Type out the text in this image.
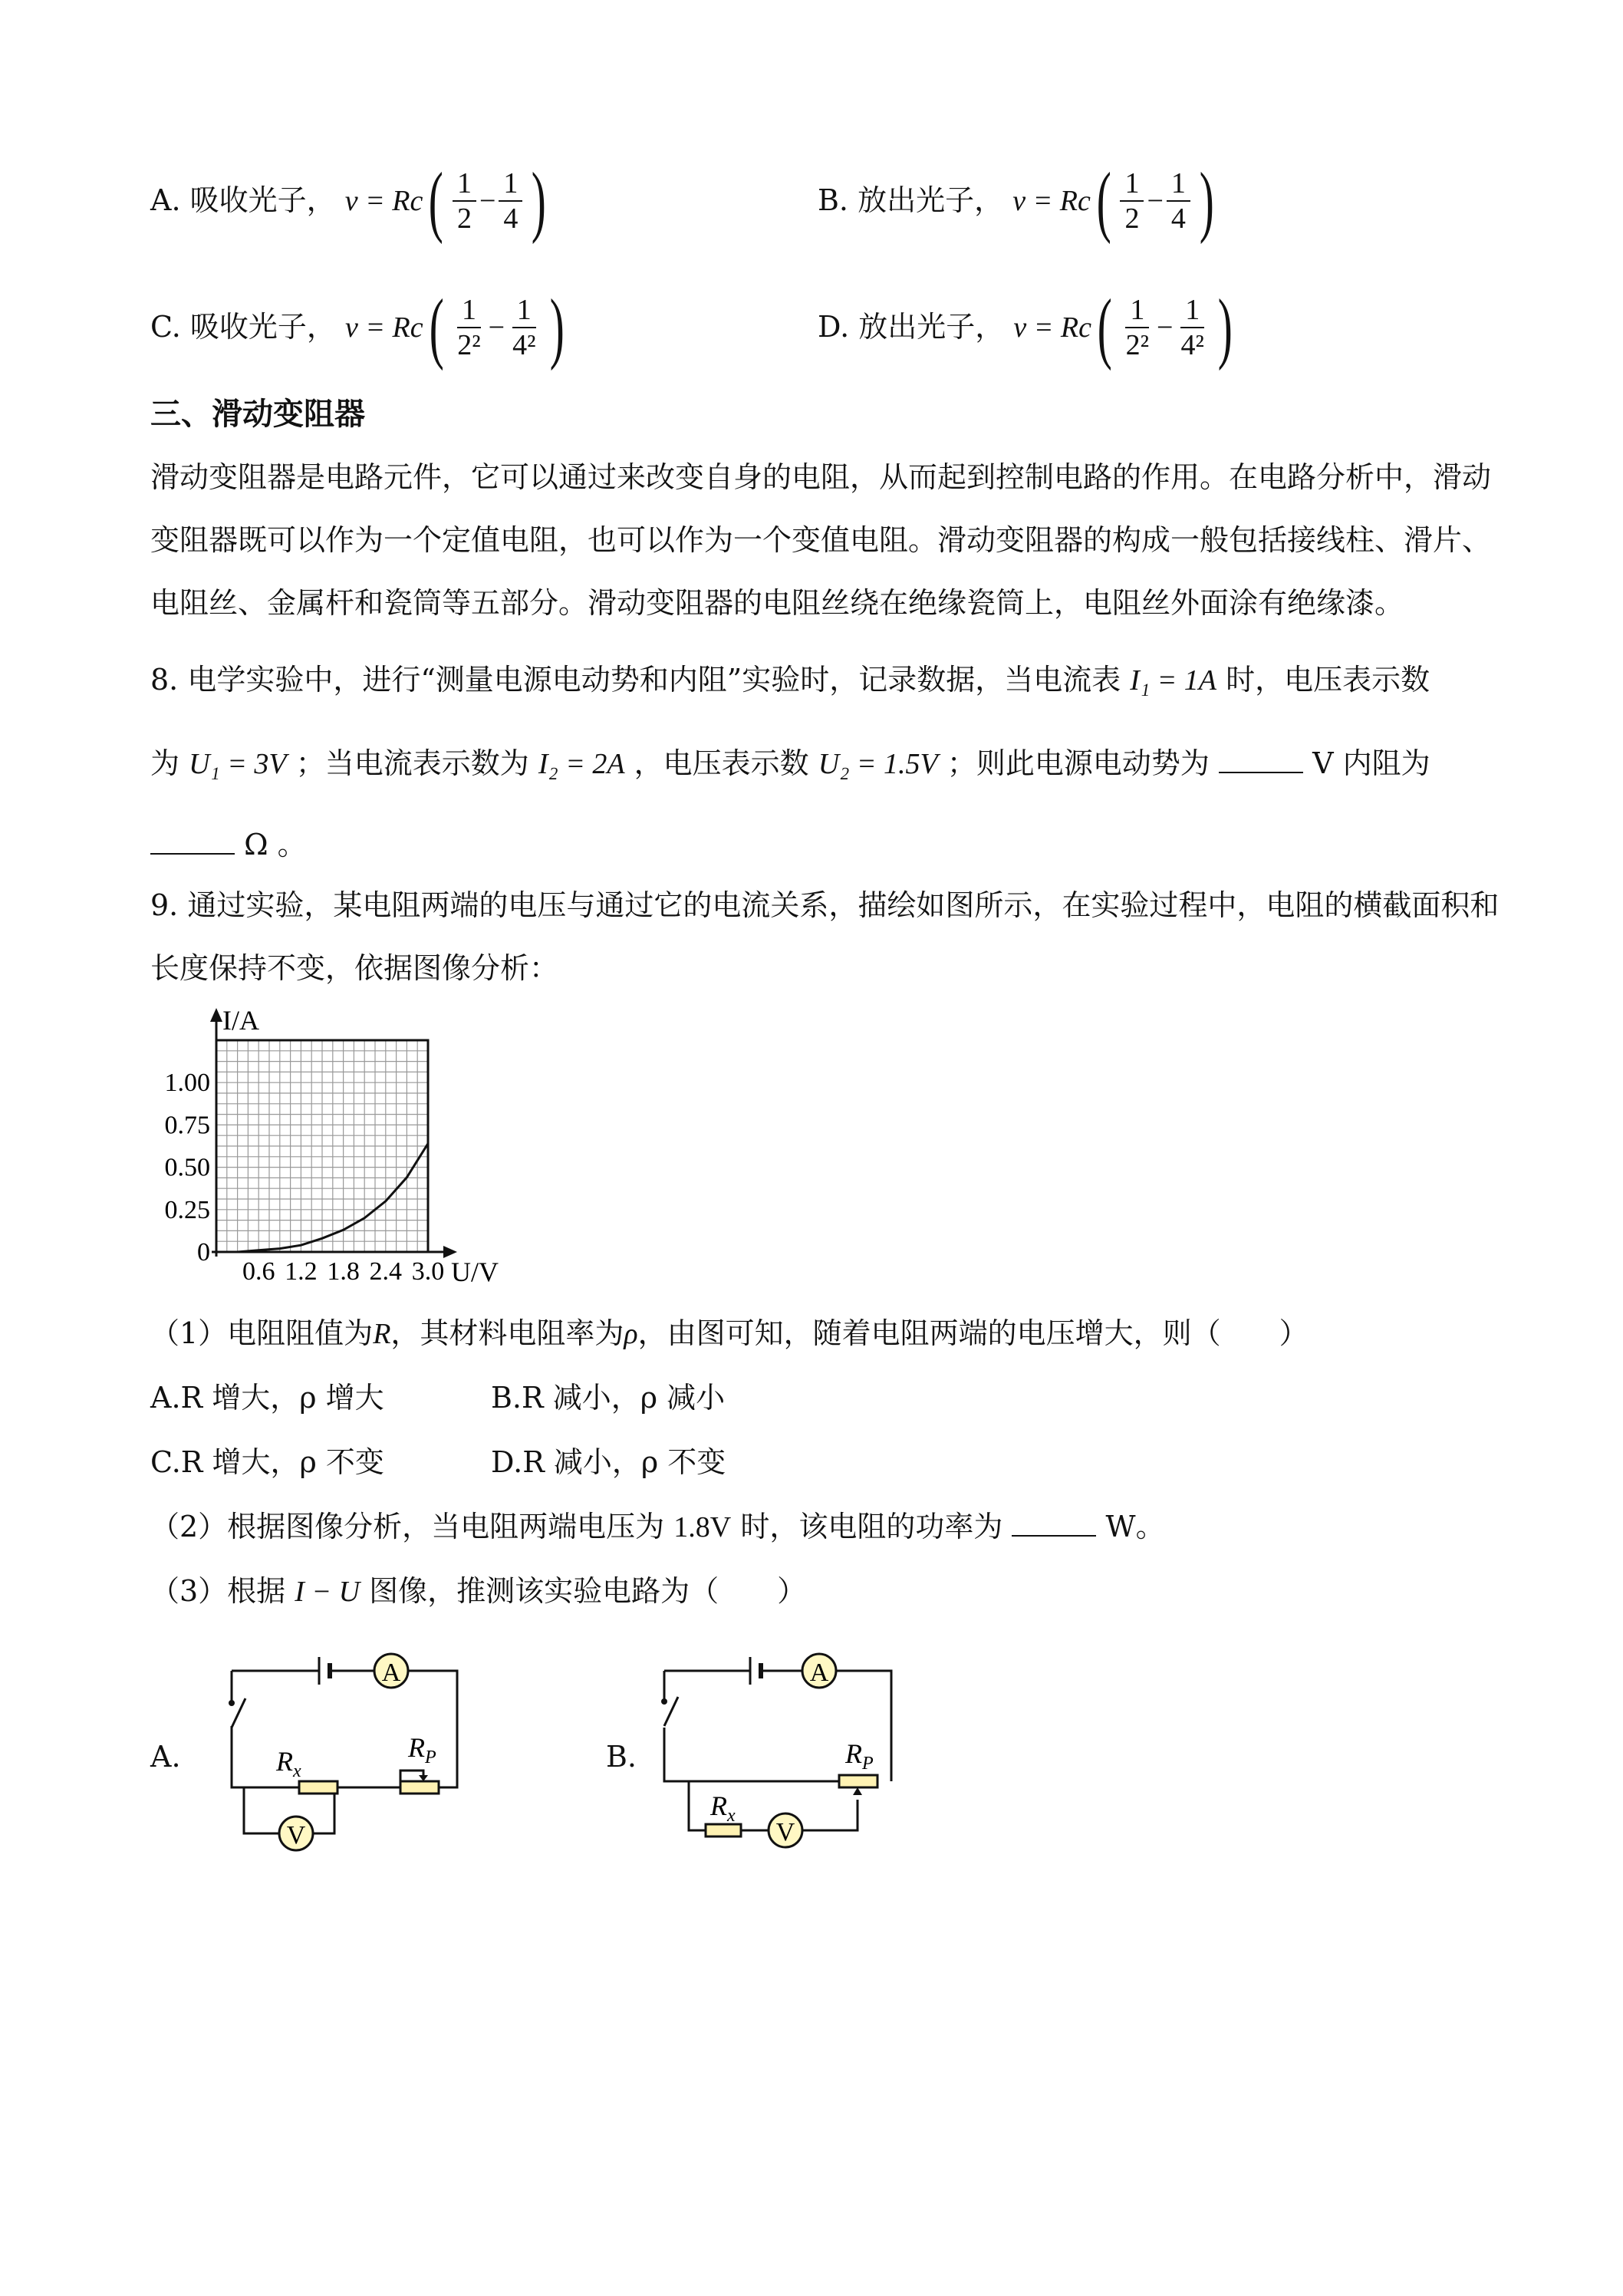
A. 吸收光子， ν = Rc ( $\frac{1}{2} - \frac{1}{4}$ )	B. 放出光子， ν = Rc ( $\frac{1}{2} - \frac{1}{4}$ )
C. 吸收光子， ν = Rc ( $\frac{1}{\text{2²}} - \frac{1}{\text{4²}}$ )	D. 放出光子， ν = Rc ( $\frac{1}{\text{2²}} - \frac{1}{\text{4²}}$ )
三、滑动变阻器
滑动变阻器是电路元件，它可以通过来改变自身的电阻，从而起到控制电路的作用。在电路分析中，滑动
变阻器既可以作为一个定值电阻，也可以作为一个变值电阻。滑动变阻器的构成一般包括接线柱、滑片、
电阻丝、金属杆和瓷筒等五部分。滑动变阻器的电阻丝绕在绝缘瓷筒上，电阻丝外面涂有绝缘漆。
8. 电学实验中，进行“测量电源电动势和内阻”实验时，记录数据，当电流表 I₁ = 1A 时，电压表示数
为 U₁ = 3V ；当电流表示数为 I₂ = 2A ，电压表示数 U₂ = 1.5V ；则此电源电动势为	V 内阻为
Ω 。
9. 通过实验，某电阻两端的电压与通过它的电流关系，描绘如图所示，在实验过程中，电阻的横截面积和
长度保持不变，依据图像分析：
0.6 1.2 1.8 2.4 3.0
0
0.25
0.50
0.75
1.00
I/A
U/V
（1）电阻阻值为R，其材料电阻率为ρ，由图可知，随着电阻两端的电压增大，则（　　）
A.R 增大，ρ 增大	B.R 减小，ρ 减小
C.R 增大，ρ 不变	D.R 减小，ρ 不变
（2）根据图像分析，当电阻两端电压为 1.8V 时，该电阻的功率为	W。
（3）根据 I − U 图像，推测该实验电路为（　　）
A.
A
$R_x$
$R_P$
V
B.
A
$R_P$
$R_x$
V
